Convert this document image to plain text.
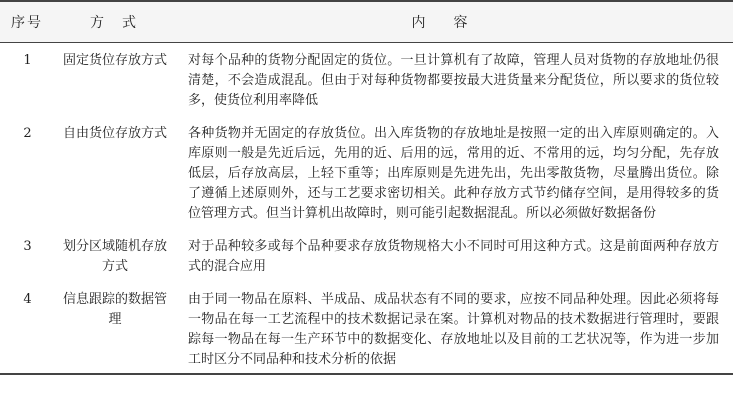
序号	方　式	内容
1	固定货位存放方式	对每个品种的货物分配固定的货位。一旦计算机有了故障，管理人员对货物的存放地址仍很清楚，不会造成混乱。但由于对每种货物都要按最大进货量来分配货位，所以要求的货位较多，使货位利用率降低
2	自由货位存放方式	各种货物并无固定的存放货位。出入库货物的存放地址是按照一定的出入库原则确定的。入库原则一般是先近后远，先用的近、后用的远，常用的近、不常用的远，均匀分配，先存放低层，后存放高层，上轻下重等；出库原则是先进先出，先出零散货物，尽量腾出货位。除了遵循上述原则外，还与工艺要求密切相关。此种存放方式节约储存空间，是用得较多的货位管理方式。但当计算机出故障时，则可能引起数据混乱。所以必须做好数据备份
3	划分区域随机存放方式	对于品种较多或每个品种要求存放货物规格大小不同时可用这种方式。这是前面两种存放方式的混合应用
4	信息跟踪的数据管理	由于同一物品在原料、半成品、成品状态有不同的要求，应按不同品种处理。因此必须将每一物品在每一工艺流程中的技术数据记录在案。计算机对物品的技术数据进行管理时，要跟踪每一物品在每一生产环节中的数据变化、存放地址以及目前的工艺状况等，作为进一步加工时区分不同品种和技术分析的依据
